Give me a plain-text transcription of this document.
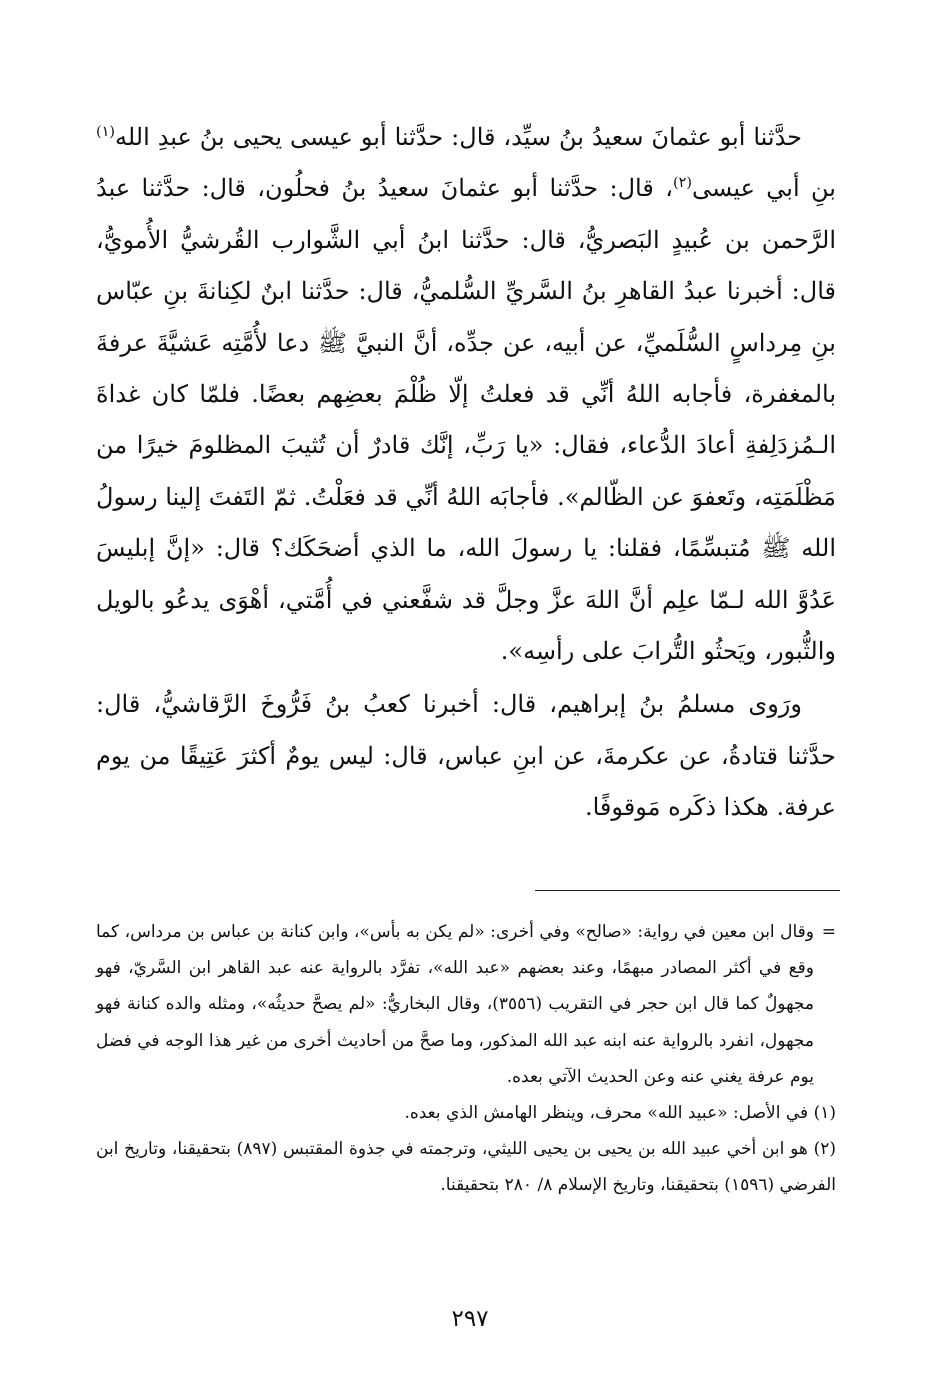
حدَّثنا أبو عثمانَ سعيدُ بنُ سيِّد، قال: حدَّثنا أبو عيسى يحيى بنُ عبدِ الله$^{(١)}$ بنِ أبي عيسى$^{(٢)}$، قال: حدَّثنا أبو عثمانَ سعيدُ بنُ فحلُون، قال: حدَّثنا عبدُ الرَّحمن بن عُبيدٍ البَصريُّ، قال: حدَّثنا ابنُ أبي الشَّوارب القُرشيُّ الأُمويُّ، قال: أخبرنا عبدُ القاهرِ بنُ السَّريِّ السُّلميُّ، قال: حدَّثنا ابنٌ لكِنانةَ بنِ عبّاس بنِ مِرداسٍ السُّلَميِّ، عن أبيه، عن جدِّه، أنَّ النبيَّ ﷺ دعا لأُمَّتِه عَشيَّةَ عرفةَ بالمغفرة، فأجابه اللهُ أنِّي قد فعلتُ إلّا ظُلْمَ بعضِهم بعضًا. فلمّا كان غداةَ الـمُزدَلِفةِ أعادَ الدُّعاء، فقال: «يا رَبِّ، إنَّك قادرٌ أن تُثيبَ المظلومَ خيرًا من مَظْلَمَتِه، وتَعفوَ عن الظّالم». فأجابَه اللهُ أنِّي قد فعَلْتُ. ثمّ التَفتَ إلينا رسولُ الله ﷺ مُتبسِّمًا، فقلنا: يا رسولَ الله، ما الذي أضحَكَك؟ قال: «إنَّ إبليسَ عَدُوَّ الله لـمّا علِم أنَّ اللهَ عزَّ وجلَّ قد شفَّعني في أُمَّتي، أهْوَى يدعُو بالويل والثُّبور، ويَحثُو التُّرابَ على رأسِه».

ورَوى مسلمُ بنُ إبراهيم، قال: أخبرنا كعبُ بنُ فَرُّوخَ الرَّقاشيُّ، قال: حدَّثنا قتادةُ، عن عكرمةَ، عن ابنِ عباس، قال: ليس يومٌ أكثرَ عَتِيقًا من يوم عرفة. هكذا ذكَره مَوقوفًا.

=
وقال ابن معين في رواية: «صالح» وفي أخرى: «لم يكن به بأس»، وابن كنانة بن عباس بن مرداس، كما وقع في أكثر المصادر مبهمًا، وعند بعضهم «عبد الله»، تفرَّد بالرواية عنه عبد القاهر ابن السَّريّ، فهو مجهولٌ كما قال ابن حجر في التقريب (٣٥٥٦)، وقال البخاريُّ: «لم يصحَّ حديثُه»، ومثله والده كنانة فهو مجهول، انفرد بالرواية عنه ابنه عبد الله المذكور، وما صحَّ من أحاديث أخرى من غير هذا الوجه في فضل يوم عرفة يغني عنه وعن الحديث الآتي بعده.

(١) في الأصل: «عبيد الله» محرف، وينظر الهامش الذي بعده.

(٢) هو ابن أخي عبيد الله بن يحيى بن يحيى الليثي، وترجمته في جذوة المقتبس (٨٩٧) بتحقيقنا، وتاريخ ابن الفرضي (١٥٩٦) بتحقيقنا، وتاريخ الإسلام ٨/ ٢٨٠ بتحقيقنا.

٢٩٧
